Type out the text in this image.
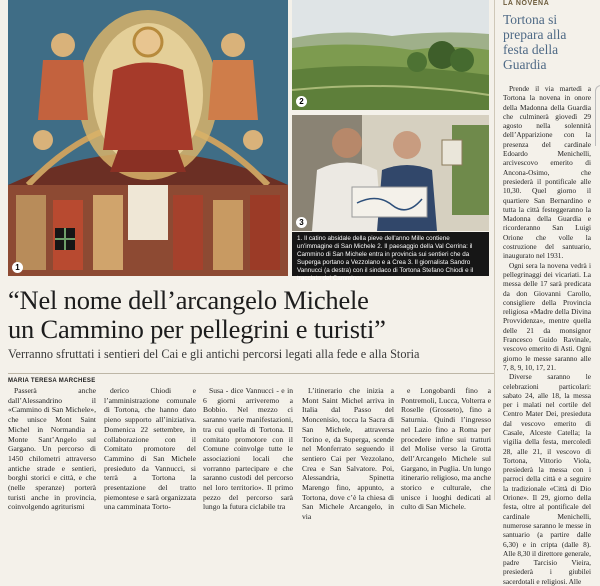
1
2
3
1. Il catino absidale della pieve dell'anno Mille contiene un'immagine di San Michele 2. Il paesaggio della Val Cerrina: il Cammino di San Michele entra in provincia sui sentieri che da Superga portano a Vezzolano e a Crea 3. Il giornalista Sandro Vannucci (a destra) con il sindaco di Tortona Stefano Chiodi e il tracciato del Cammino
“Nel nome dell’arcangelo Michele
un Cammino per pellegrini e turisti”

Verranno sfruttati i sentieri del Cai e gli antichi percorsi legati alla fede e alla Storia

MARIA TERESA MARCHESE

Passerà anche dall’Alessandrino il «Cammino di San Michele», che unisce Mont Saint Michel in Normandia a Monte Sant’Angelo sul Gargano. Un percorso di 1450 chilometri attraverso antiche strade e sentieri, borghi storici e città, e che (nelle speranze) porterà turisti anche in provincia, coinvolgendo agriturismi

derico Chiodi e l’amministrazione comunale di Tortona, che hanno dato pieno supporto all’iniziativa. Domenica 22 settembre, in collaborazione con il Comitato promotore del Cammino di San Michele presieduto da Vannucci, si terrà a Tortona la presentazione del tratto piemontese e sarà organizzata una camminata Torto-

Susa - dice Vannucci - e in 6 giorni arriveremo a Bobbio. Nel mezzo ci saranno varie manifestazioni, tra cui quella di Tortona. Il comitato promotore con il Comune coinvolge tutte le associazioni locali che vorranno partecipare e che saranno custodi del percorso nel loro territorio». Il primo pezzo del percorso sarà lungo la futura ciclabile tra

L’itinerario che inizia a Mont Saint Michel arriva in Italia dal Passo del Moncenisio, tocca la Sacra di San Michele, attraversa Torino e, da Superga, scende nel Monferrato seguendo il sentiero Cai per Vezzolano, Crea e San Salvatore. Poi, Alessandria, Spinetta Marengo fino, appunto, a Tortona, dove c’è la chiesa di San Michele Arcangelo, in via

e Longobardi fino a Pontremoli, Lucca, Volterra e Roselle (Grosseto), fino a Saturnia. Quindi l’ingresso nel Lazio fino a Roma per procedere infine sui tratturi del Molise verso la Grotta dell’Arcangelo Michele sul Gargano, in Puglia. Un lungo itinerario religioso, ma anche storico e culturale, che unisce i luoghi dedicati al culto di San Michele.

LA NOVENA
Tortona si prepara alla festa della Guardia

Prende il via martedì a Tortona la novena in onore della Madonna della Guardia che culminerà giovedì 29 agosto nella solennità dell’Apparizione con la presenza del cardinale Edoardo Menichelli, arcivescovo emerito di Ancona-Osimo, che presiederà il pontificale alle 10,30. Quel giorno il quartiere San Bernardino e tutta la città festeggeranno la Madonna della Guardia e ricorderanno San Luigi Orione che volle la costruzione del santuario, inaugurato nel 1931.

Ogni sera la novena vedrà i pellegrinaggi dei vicariati. La messa delle 17 sarà predicata da don Giovanni Carollo, consigliere della Provincia religiosa «Madre della Divina Provvidenza», mentre quella delle 21 da monsignor Francesco Guido Ravinale, vescovo emerito di Asti. Ogni giorno le messe saranno alle 7, 8, 9, 10, 17, 21.

Diverse saranno le celebrazioni particolari: sabato 24, alle 18, la messa per i malati nel cortile del Centro Mater Dei, presieduta dal vescovo emerito di Casale, Alceste Catella; la vigilia della festa, mercoledì 28, alle 21, il vescovo di Tortona, Vittorio Viola, presiederà la messa con i parroci della città e a seguire la tradizionale «Città di Dio Orione». Il 29, giorno della festa, oltre al pontificale del cardinale Menichelli, numerose saranno le messe in santuario (a partire dalle 6,30) e in cripta (dalle 8). Alle 8,30 il direttore generale, padre Tarcisio Vieira, presiederà i giubilei sacerdotali e religiosi. Alle
